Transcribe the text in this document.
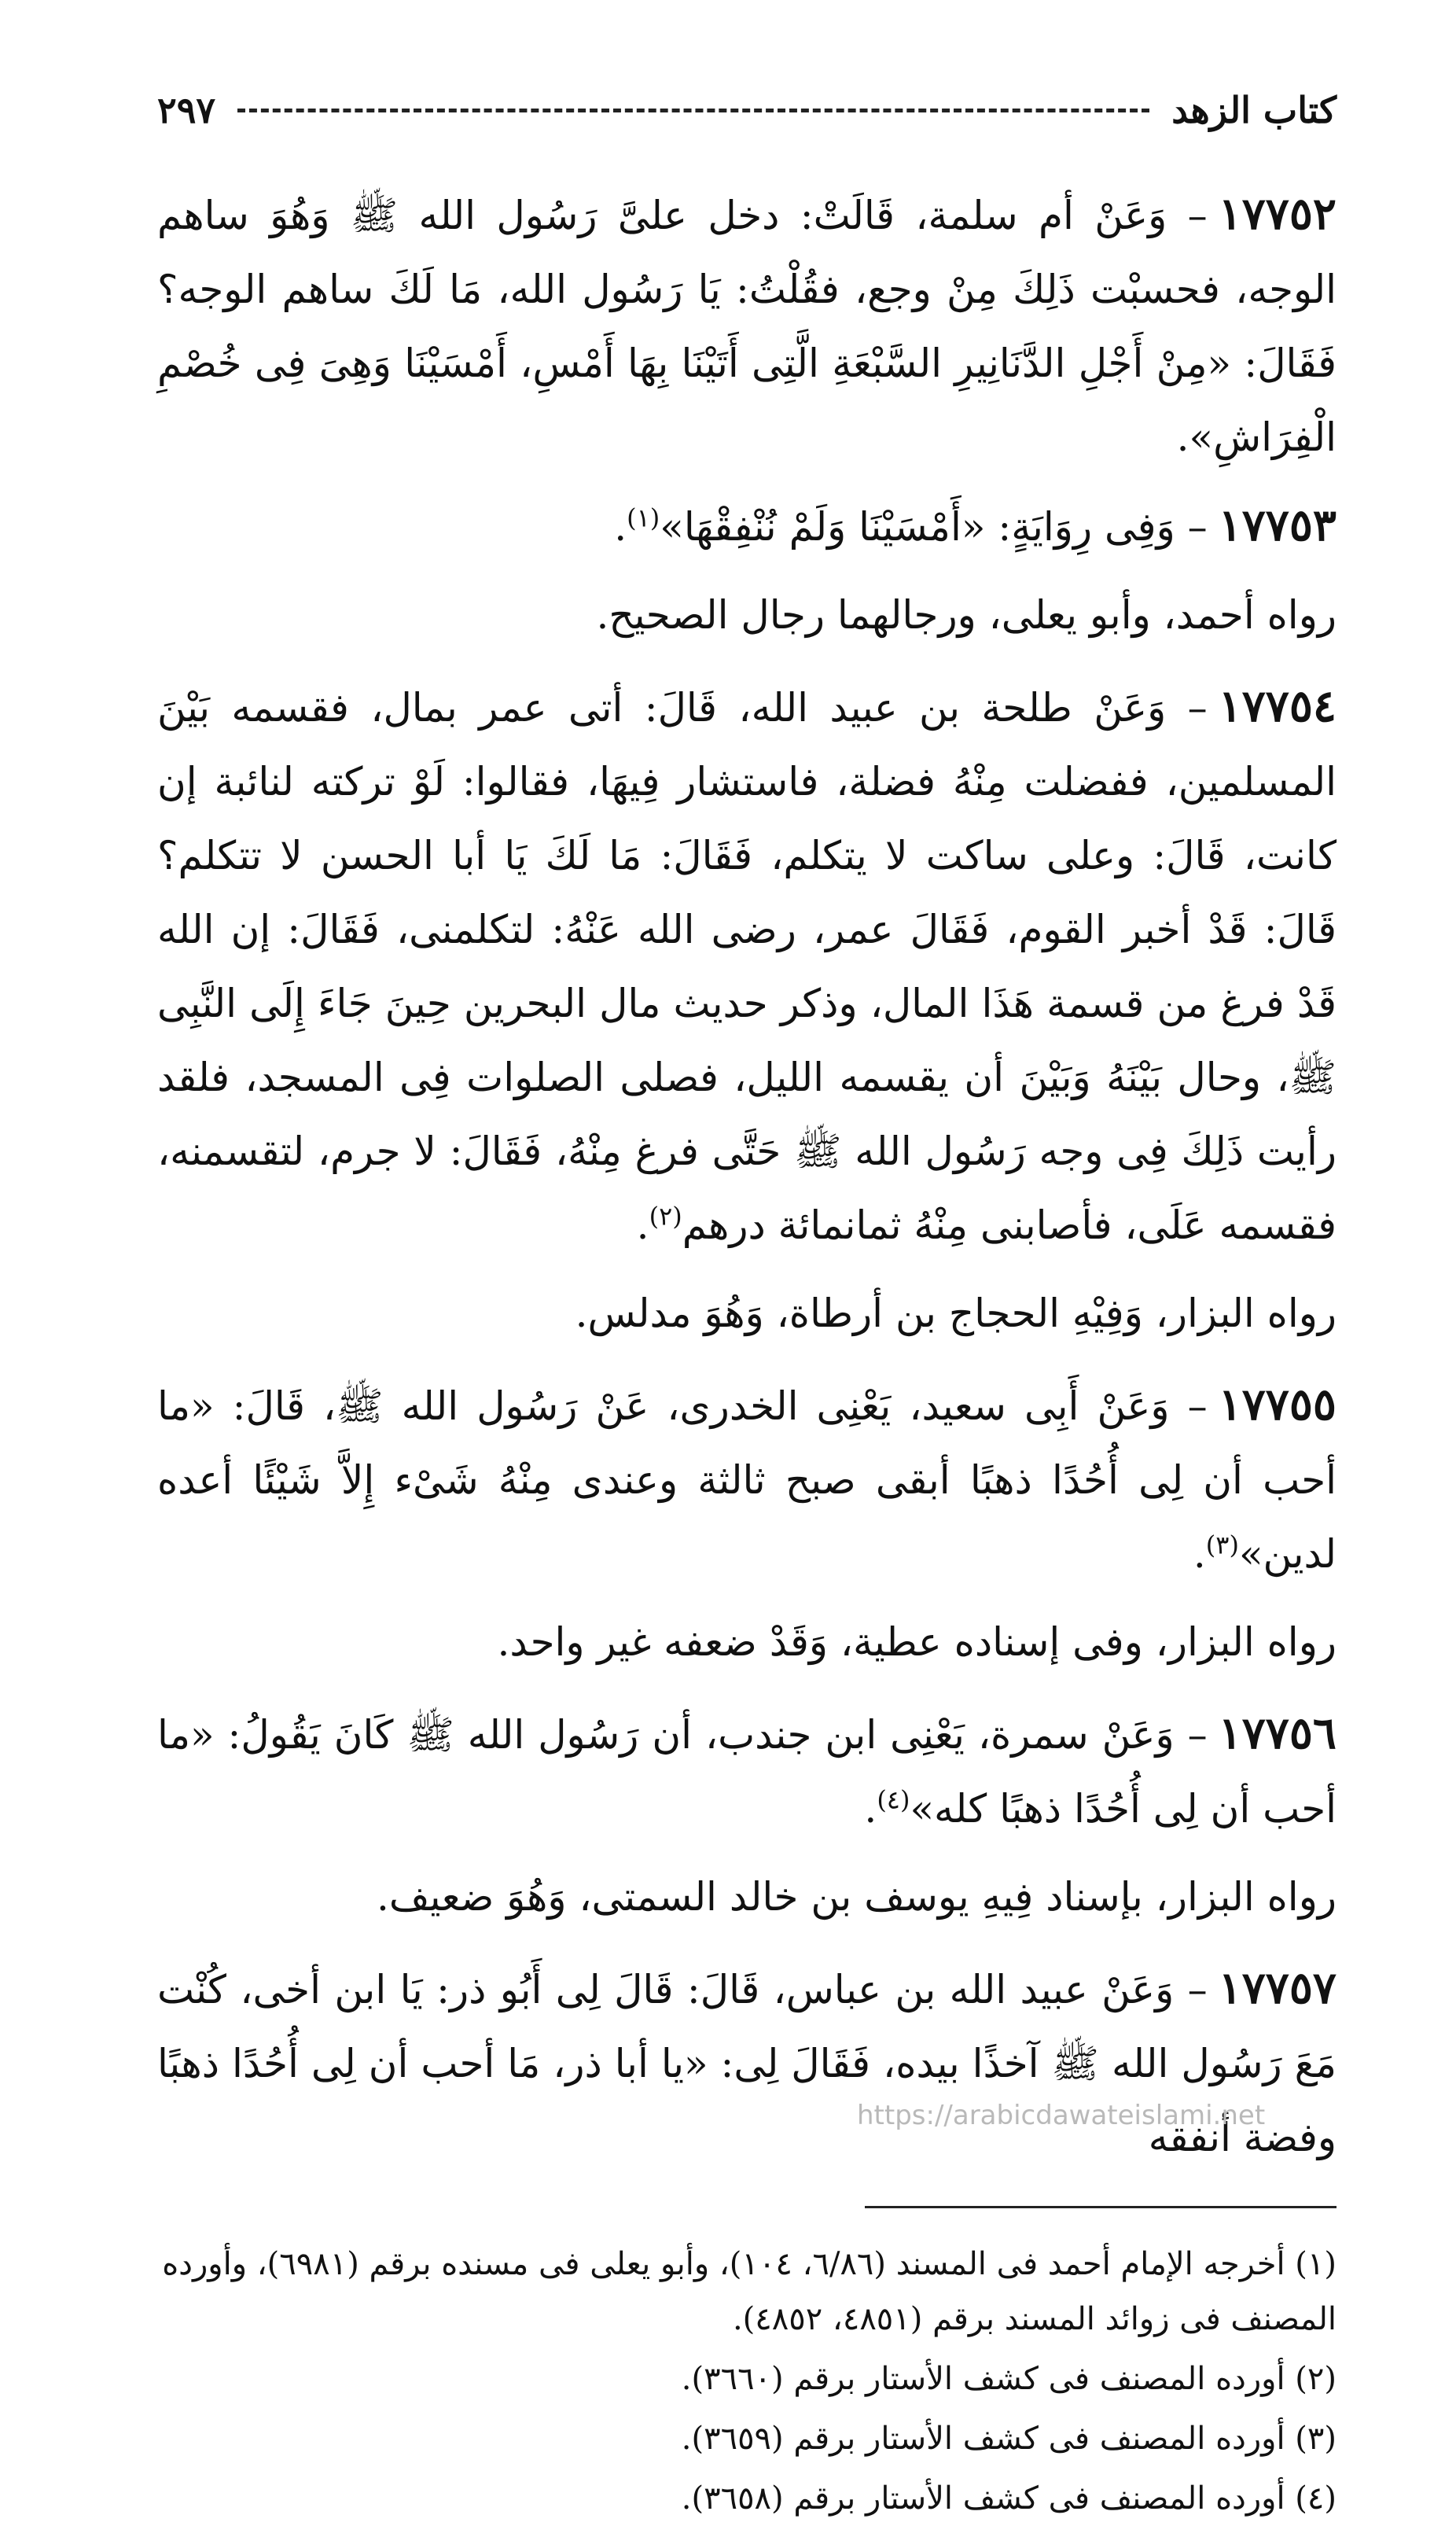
كتاب الزهد
٢٩٧

١٧٧٥٢– وَعَنْ أم سلمة، قَالَتْ: دخل علىَّ رَسُول الله ﷺ وَهُوَ ساهم الوجه، فحسبْت ذَلِكَ مِنْ وجع، فقُلْتُ: يَا رَسُول الله، مَا لَكَ ساهم الوجه؟ فَقَالَ: «مِنْ أَجْلِ الدَّنَانِيرِ السَّبْعَةِ الَّتِى أَتَيْنَا بِهَا أَمْسِ، أَمْسَيْنَا وَهِىَ فِى خُصْمِ الْفِرَاشِ».

١٧٧٥٣– وَفِى رِوَايَةٍ: «أَمْسَيْنَا وَلَمْ نُنْفِقْهَا»$^{(١)}$.

رواه أحمد، وأبو يعلى، ورجالهما رجال الصحيح.

١٧٧٥٤– وَعَنْ طلحة بن عبيد الله، قَالَ: أتى عمر بمال، فقسمه بَيْنَ المسلمين، ففضلت مِنْهُ فضلة، فاستشار فِيهَا، فقالوا: لَوْ تركته لنائبة إن كانت، قَالَ: وعلى ساكت لا يتكلم، فَقَالَ: مَا لَكَ يَا أبا الحسن لا تتكلم؟ قَالَ: قَدْ أخبر القوم، فَقَالَ عمر، رضى الله عَنْهُ: لتكلمنى، فَقَالَ: إن الله قَدْ فرغ من قسمة هَذَا المال، وذكر حديث مال البحرين حِينَ جَاءَ إِلَى النَّبِى ﷺ، وحال بَيْنَهُ وَبَيْنَ أن يقسمه الليل، فصلى الصلوات فِى المسجد، فلقد رأيت ذَلِكَ فِى وجه رَسُول الله ﷺ حَتَّى فرغ مِنْهُ، فَقَالَ: لا جرم، لتقسمنه، فقسمه عَلَى، فأصابنى مِنْهُ ثمانمائة درهم$^{(٢)}$.

رواه البزار، وَفِيْهِ الحجاج بن أرطاة، وَهُوَ مدلس.

١٧٧٥٥– وَعَنْ أَبِى سعيد، يَعْنِى الخدرى، عَنْ رَسُول الله ﷺ، قَالَ: «ما أحب أن لِى أُحُدًا ذهبًا أبقى صبح ثالثة وعندى مِنْهُ شَىْء إِلاَّ شَيْئًا أعده لدين»$^{(٣)}$.

رواه البزار، وفى إسناده عطية، وَقَدْ ضعفه غير واحد.

١٧٧٥٦– وَعَنْ سمرة، يَعْنِى ابن جندب، أن رَسُول الله ﷺ كَانَ يَقُولُ: «ما أحب أن لِى أُحُدًا ذهبًا كله»$^{(٤)}$.

رواه البزار، بإسناد فِيهِ يوسف بن خالد السمتى، وَهُوَ ضعيف.

١٧٧٥٧– وَعَنْ عبيد الله بن عباس، قَالَ: قَالَ لِى أَبُو ذر: يَا ابن أخى، كُنْت مَعَ رَسُول الله ﷺ آخذًا بيده، فَقَالَ لِى: «يا أبا ذر، مَا أحب أن لِى أُحُدًا ذهبًا وفضة أنفقه

(١) أخرجه الإمام أحمد فى المسند (٦/٨٦، ١٠٤)، وأبو يعلى فى مسنده برقم (٦٩٨١)، وأورده المصنف فى زوائد المسند برقم (٤٨٥١، ٤٨٥٢).

(٢) أورده المصنف فى كشف الأستار برقم (٣٦٦٠).

(٣) أورده المصنف فى كشف الأستار برقم (٣٦٥٩).

(٤) أورده المصنف فى كشف الأستار برقم (٣٦٥٨).

https://arabicdawateislami.net
